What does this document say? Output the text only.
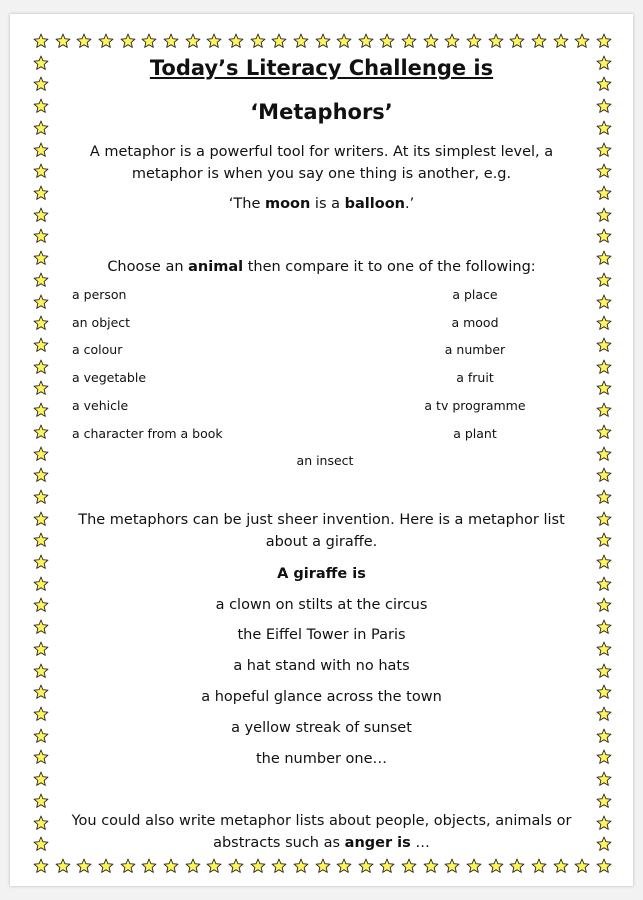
Today’s Literacy Challenge is
‘Metaphors’
A metaphor is a powerful tool for writers. At its simplest level, a
metaphor is when you say one thing is another, e.g.
‘The moon is a balloon.’
Choose an animal then compare it to one of the following:
a person
an object
a colour
a vegetable
a vehicle
a character from a book
a place
a mood
a number
a fruit
a tv programme
a plant
an insect
The metaphors can be just sheer invention. Here is a metaphor list
about a giraffe.
A giraffe is
a clown on stilts at the circus
the Eiffel Tower in Paris
a hat stand with no hats
a hopeful glance across the town
a yellow streak of sunset
the number one…
You could also write metaphor lists about people, objects, animals or
abstracts such as anger is …
